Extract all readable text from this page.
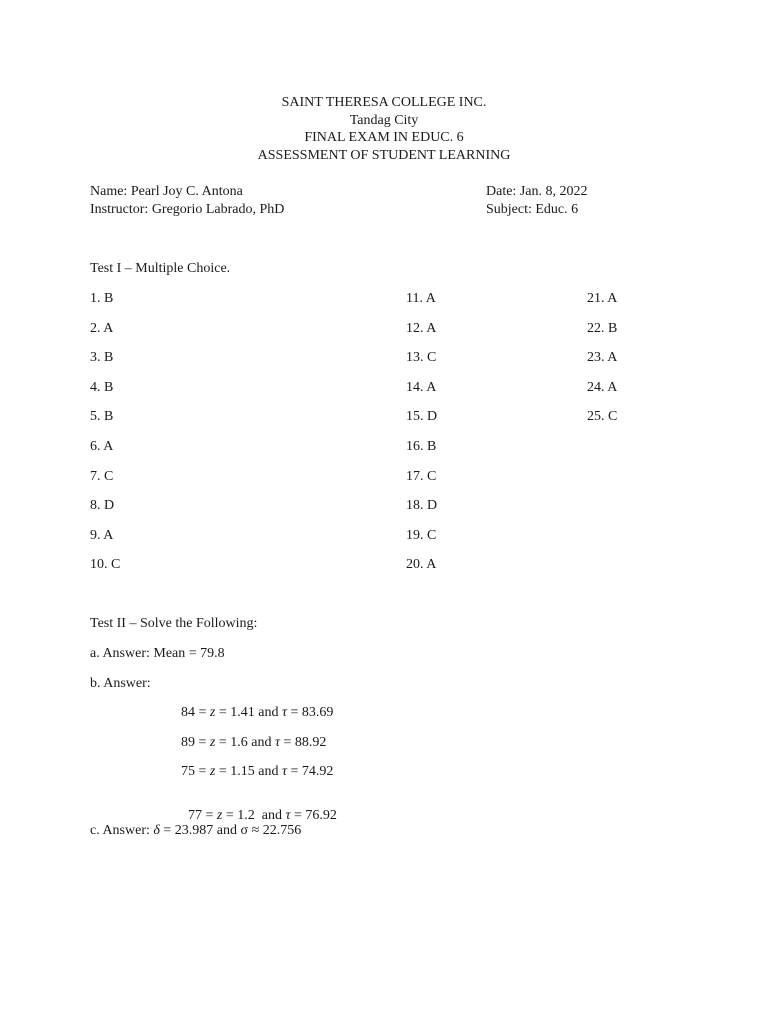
SAINT THERESA COLLEGE INC.
Tandag City
FINAL EXAM IN EDUC. 6
ASSESSMENT OF STUDENT LEARNING
Name: Pearl Joy C. Antona
Instructor: Gregorio Labrado, PhD
Date: Jan. 8, 2022
Subject: Educ. 6
Test I – Multiple Choice.
1. B
2. A
3. B
4. B
5. B
6. A
7. C
8. D
9. A
10. C
11. A
12. A
13. C
14. A
15. D
16. B
17. C
18. D
19. C
20. A
21. A
22. B
23. A
24. A
25. C
Test II – Solve the Following:
a. Answer: Mean = 79.8
b. Answer:
84 = z = 1.41 and τ = 83.69
89 = z = 1.6 and τ = 88.92
75 = z = 1.15 and τ = 74.92

77 = z = 1.2  and τ = 76.92

c. Answer: δ = 23.987 and σ ≈ 22.756
